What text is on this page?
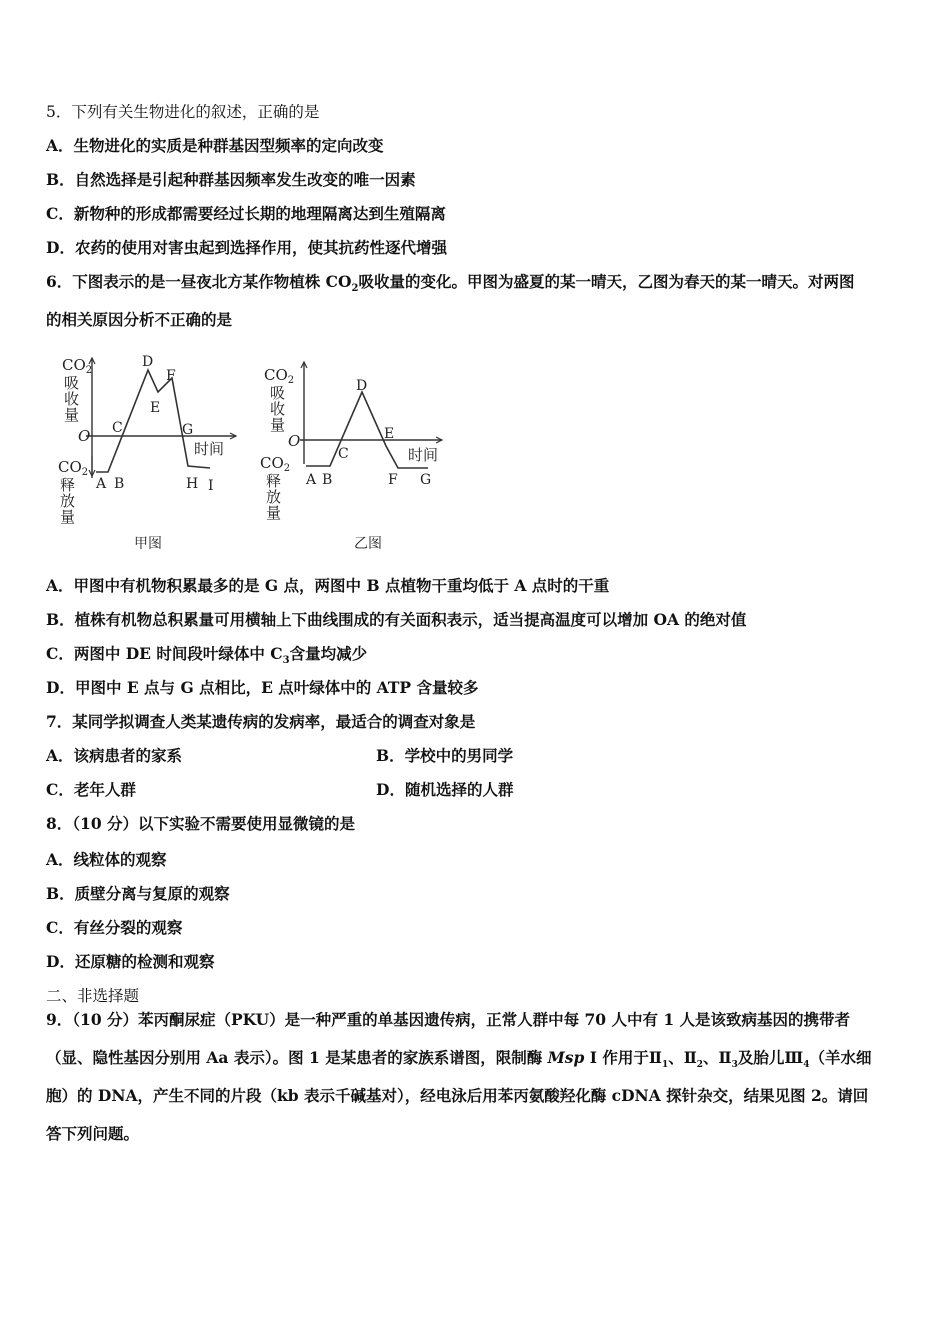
5．下列有关生物进化的叙述，正确的是
A．生物进化的实质是种群基因型频率的定向改变
B．自然选择是引起种群基因频率发生改变的唯一因素
C．新物种的形成都需要经过长期的地理隔离达到生殖隔离
D．农药的使用对害虫起到选择作用，使其抗药性逐代增强
6．下图表示的是一昼夜北方某作物植株 $CO_2$吸收量的变化。甲图为盛夏的某一晴天，乙图为春天的某一晴天。对两图
的相关原因分析不正确的是
$CO_2$
吸
收
量
$CO_2$
释
放
量
O
时间
A B
C
D
E
F
G
H I
甲图
$CO_2$
吸
收
量
$CO_2$
释
放
量
O
时间
A B
C
D
E
F G
乙图
A．甲图中有机物积累最多的是 G 点，两图中 B 点植物干重均低于 A 点时的干重
B．植株有机物总积累量可用横轴上下曲线围成的有关面积表示，适当提高温度可以增加 OA 的绝对值
C．两图中 DE 时间段叶绿体中 $C_3$含量均减少
D．甲图中 E 点与 G 点相比，E 点叶绿体中的 ATP 含量较多
7．某同学拟调查人类某遗传病的发病率，最适合的调查对象是
A．该病患者的家系	B．学校中的男同学
C．老年人群	D．随机选择的人群
8．（10 分）以下实验不需要使用显微镜的是
A．线粒体的观察
B．质壁分离与复原的观察
C．有丝分裂的观察
D．还原糖的检测和观察
二、非选择题
9．（10 分）苯丙酮尿症（PKU）是一种严重的单基因遗传病，正常人群中每 70 人中有 1 人是该致病基因的携带者
（显、隐性基因分别用 Aa 表示）。图 1 是某患者的家族系谱图，限制酶 Msp I 作用于$Ⅱ_1$、$Ⅱ_2$、$Ⅱ_3$及胎儿$Ⅲ_4$（羊水细
胞）的 DNA，产生不同的片段（kb 表示千碱基对），经电泳后用苯丙氨酸羟化酶 cDNA 探针杂交，结果见图 2。请回
答下列问题。
